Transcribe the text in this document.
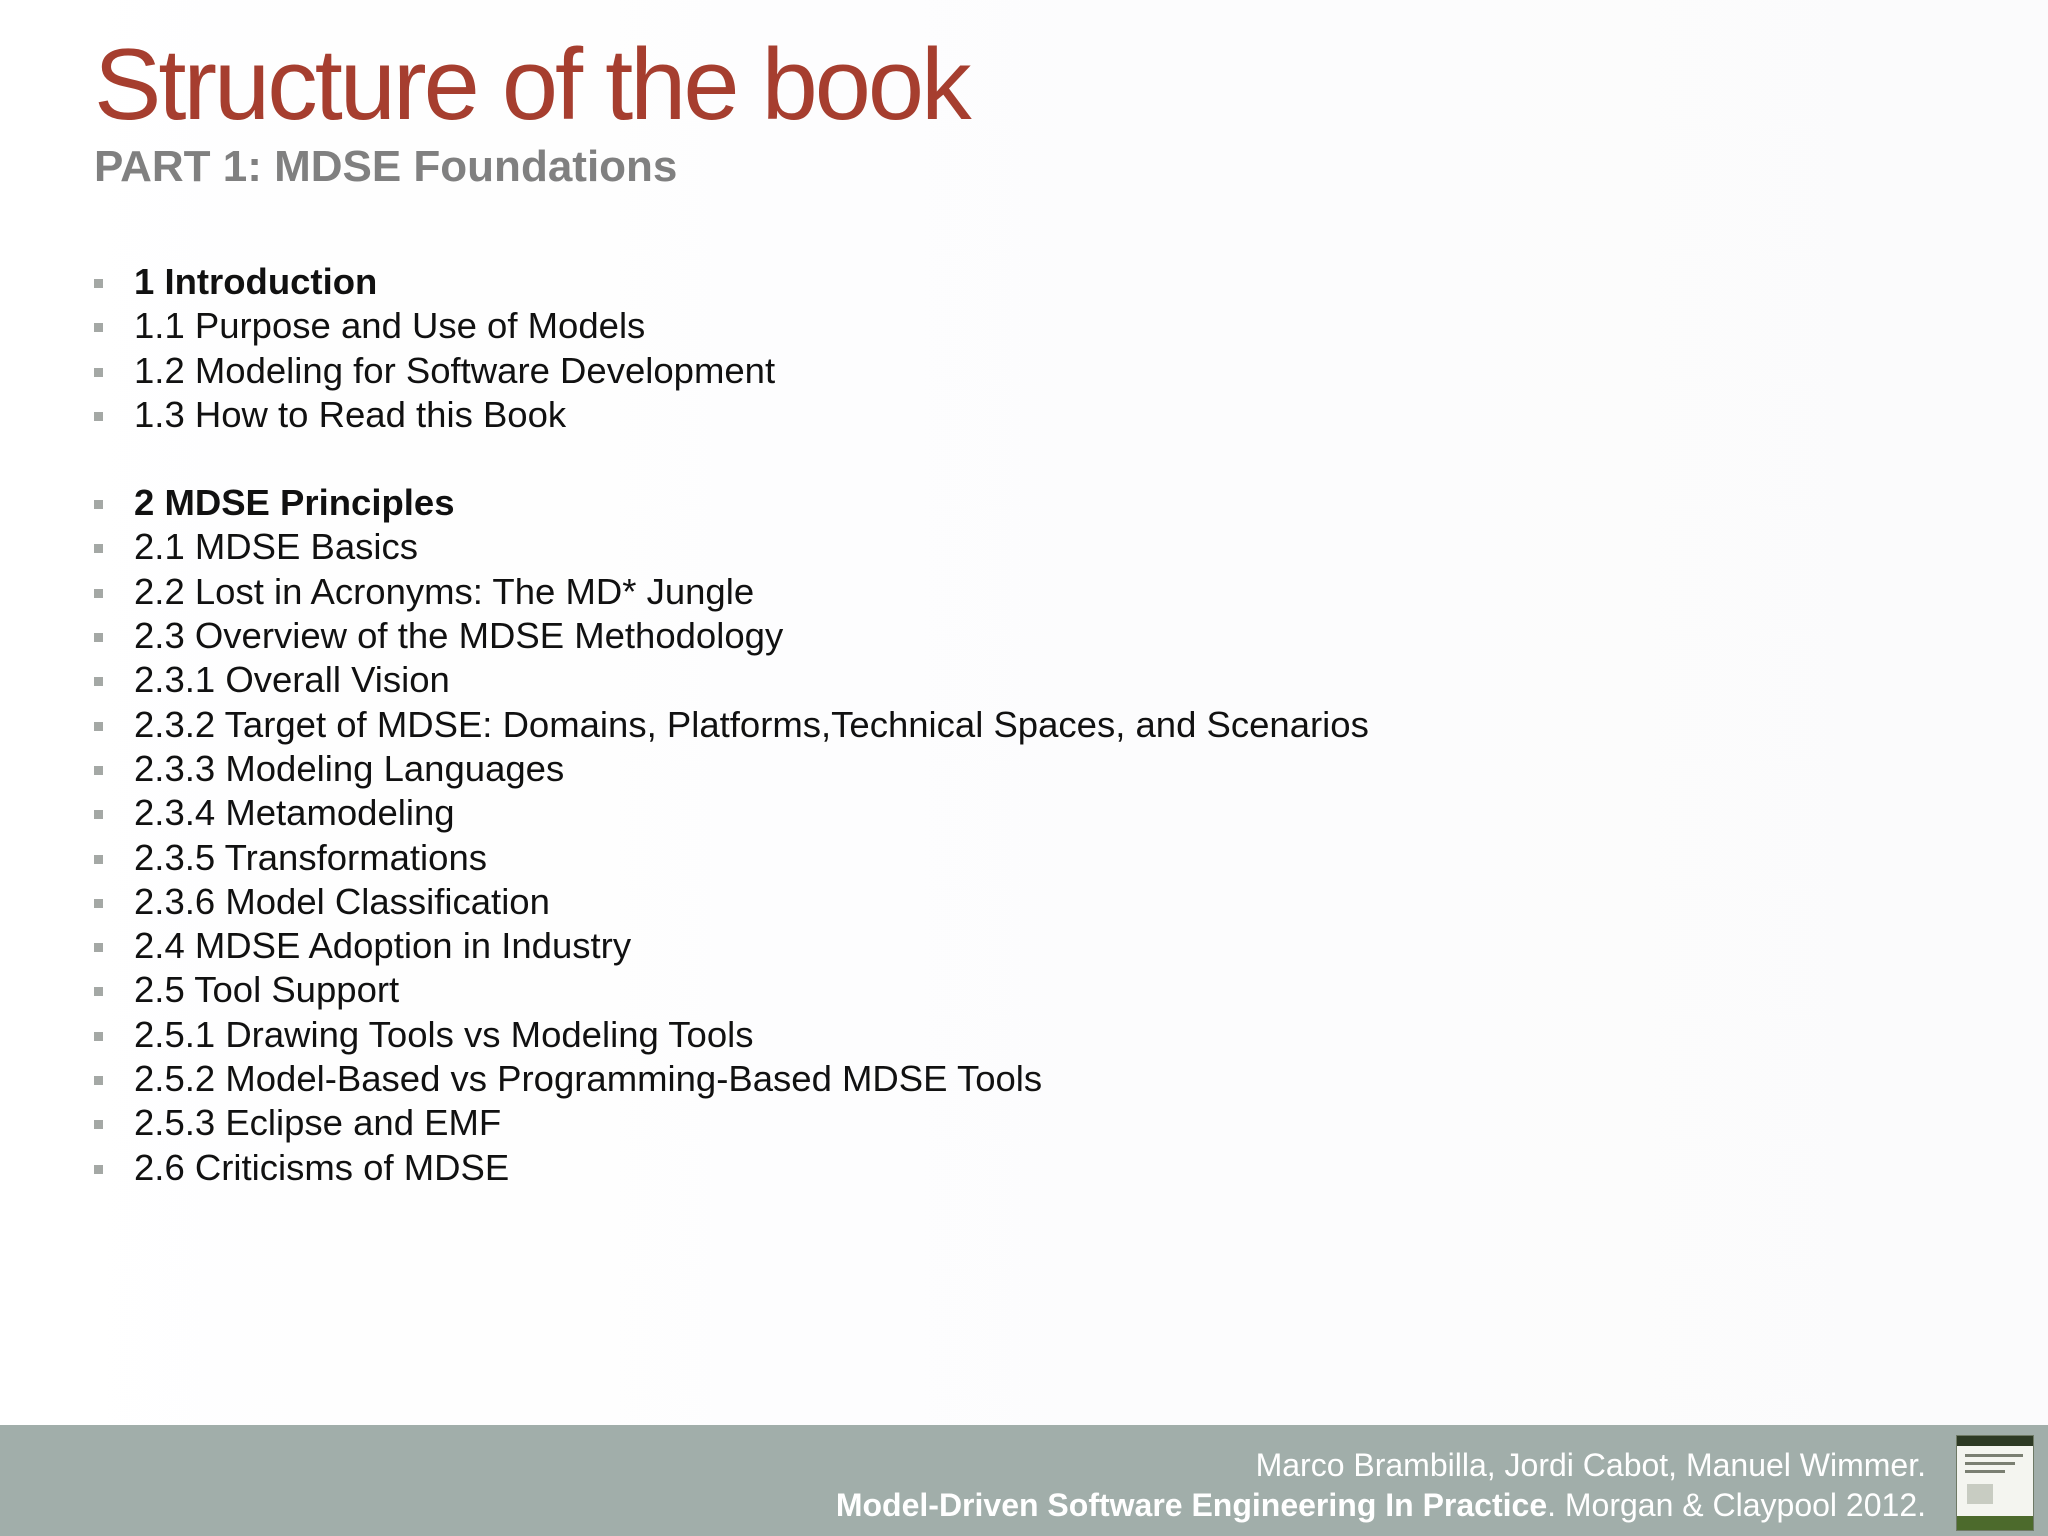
Structure of the book
PART 1: MDSE Foundations
1 Introduction
1.1 Purpose and Use of Models
1.2 Modeling for Software Development
1.3 How to Read this Book
2 MDSE Principles
2.1 MDSE Basics
2.2 Lost in Acronyms: The MD* Jungle
2.3 Overview of the MDSE Methodology
2.3.1 Overall Vision
2.3.2 Target of MDSE: Domains, Platforms,Technical Spaces, and Scenarios
2.3.3 Modeling Languages
2.3.4 Metamodeling
2.3.5 Transformations
2.3.6 Model Classification
2.4 MDSE Adoption in Industry
2.5 Tool Support
2.5.1 Drawing Tools vs Modeling Tools
2.5.2 Model-Based vs Programming-Based MDSE Tools
2.5.3 Eclipse and EMF
2.6 Criticisms of MDSE
Marco Brambilla, Jordi Cabot, Manuel Wimmer.
Model-Driven Software Engineering In Practice. Morgan & Claypool 2012.
